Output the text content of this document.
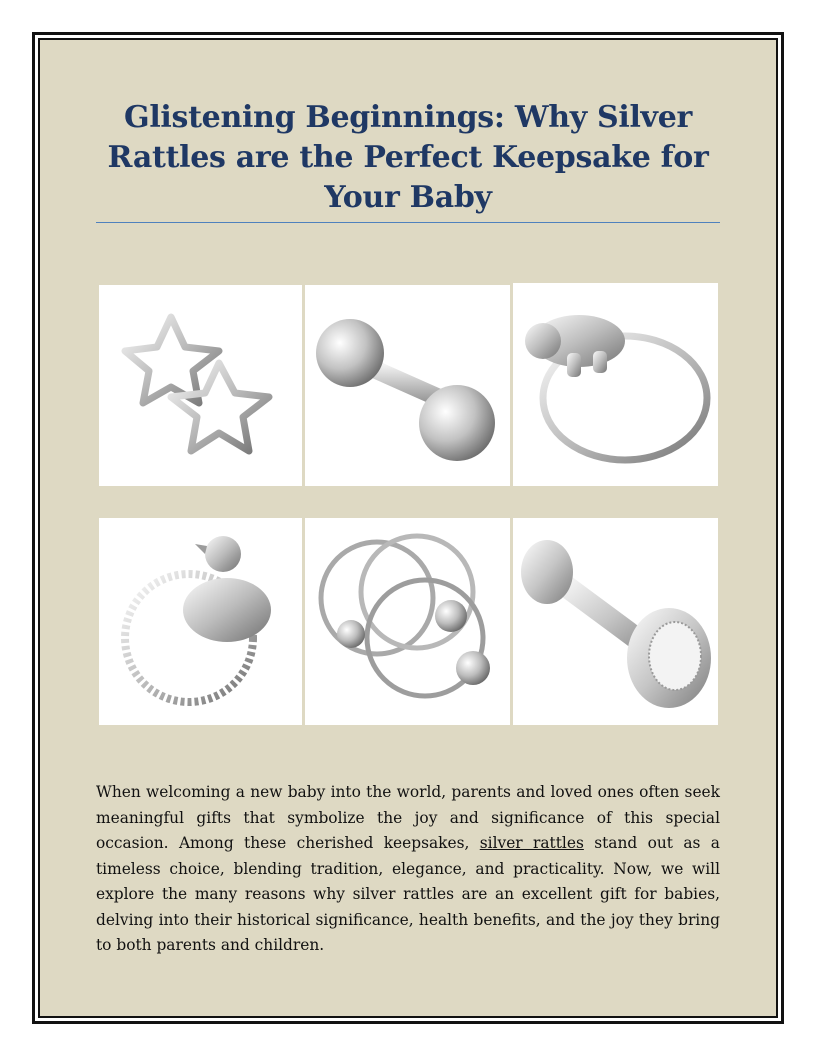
Glistening Beginnings: Why Silver Rattles are the Perfect Keepsake for Your Baby

When welcoming a new baby into the world, parents and loved ones often seek meaningful gifts that symbolize the joy and significance of this special occasion. Among these cherished keepsakes, silver rattles stand out as a timeless choice, blending tradition, elegance, and practicality. Now, we will explore the many reasons why silver rattles are an excellent gift for babies, delving into their historical significance, health benefits, and the joy they bring to both parents and children.
